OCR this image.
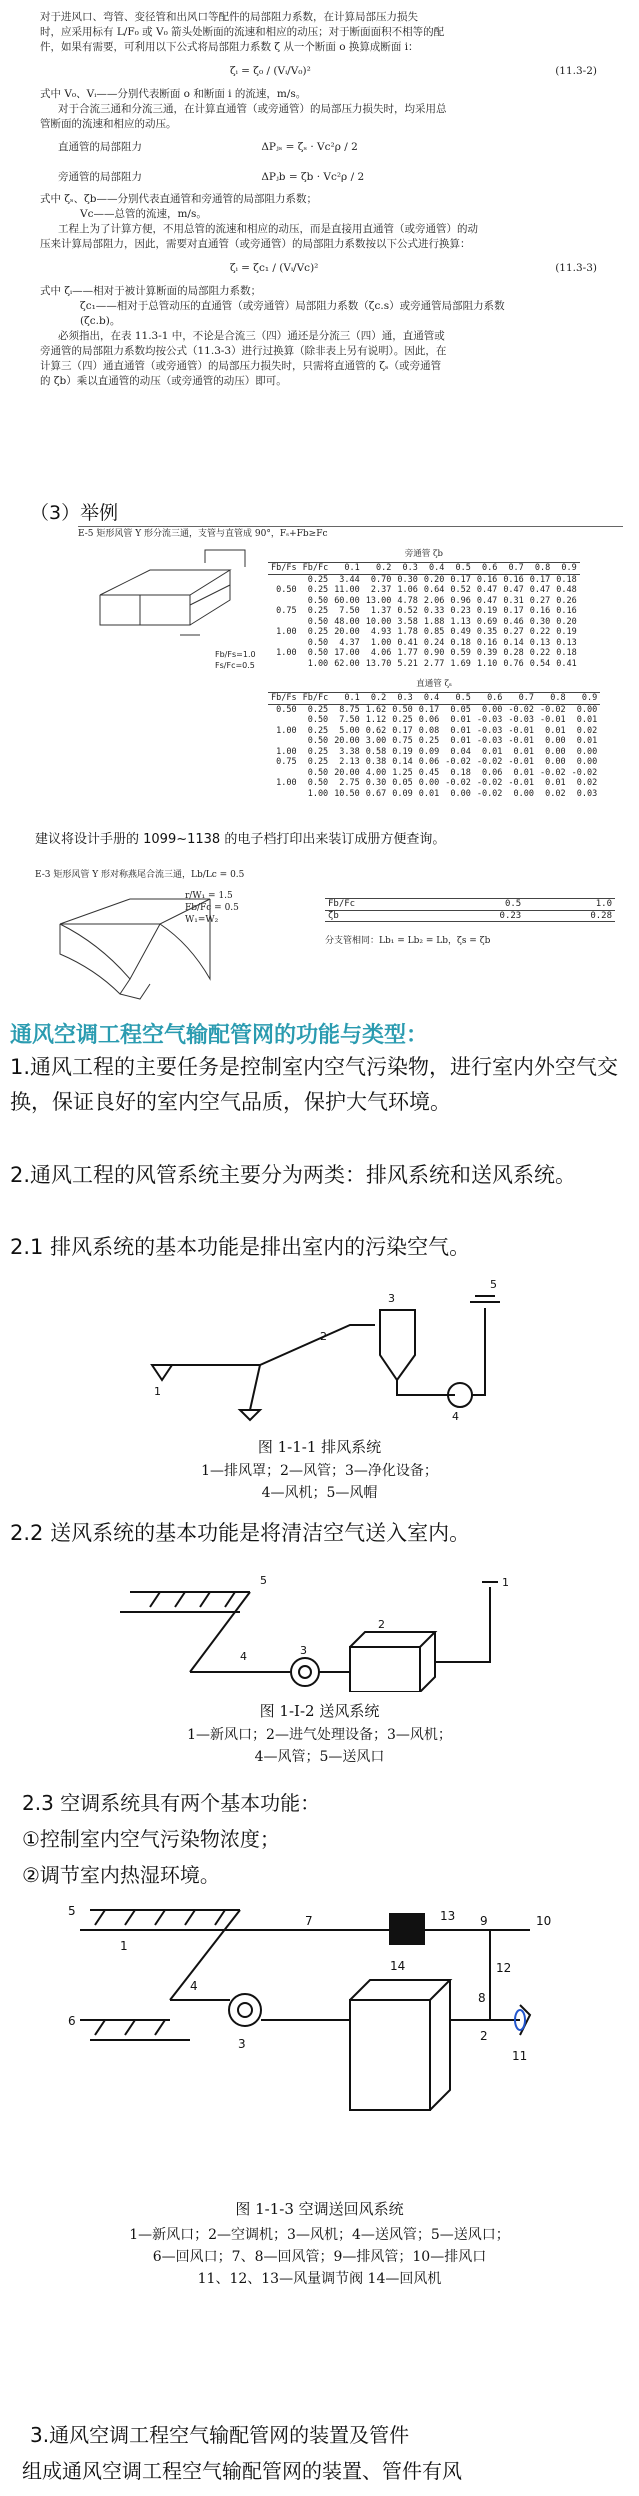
对于进风口、弯管、变径管和出风口等配件的局部阻力系数，在计算局部压力损失

时，应采用标有 L/F₀ 或 V₀ 箭头处断面的流速和相应的动压；对于断面面积不相等的配

件，如果有需要，可利用以下公式将局部阻力系数 ζ 从一个断面 o 换算成断面 i：

ζᵢ = ζ₀ / (Vᵢ/V₀)²	(11.3-2)

式中 V₀、Vᵢ——分别代表断面 o 和断面 i 的流速，m/s。

对于合流三通和分流三通，在计算直通管（或旁通管）的局部压力损失时，均采用总

管断面的流速和相应的动压。

直通管的局部阻力	ΔPⱼₛ = ζₛ · Vc²ρ / 2

旁通管的局部阻力	ΔPⱼb = ζb · Vc²ρ / 2

式中 ζₛ、ζb——分别代表直通管和旁通管的局部阻力系数；

Vc——总管的流速，m/s。

工程上为了计算方便，不用总管的流速和相应的动压，而是直接用直通管（或旁通管）的动

压来计算局部阻力，因此，需要对直通管（或旁通管）的局部阻力系数按以下公式进行换算：

ζᵢ = ζc₁ / (Vᵢ/Vc)²	(11.3-3)

式中 ζᵢ——相对于被计算断面的局部阻力系数；

ζc₁——相对于总管动压的直通管（或旁通管）局部阻力系数（ζc.s）或旁通管局部阻力系数

(ζc.b)。

必须指出，在表 11.3-1 中，不论是合流三（四）通还是分流三（四）通，直通管或

旁通管的局部阻力系数均按公式（11.3-3）进行过换算（除非表上另有说明）。因此，在

计算三（四）通直通管（或旁通管）的局部压力损失时，只需将直通管的 ζₛ（或旁通管

的 ζb）乘以直通管的动压（或旁通管的动压）即可。

（3）举例
E-5 矩形风管 Y 形分流三通，支管与直管成 90°，Fₛ+Fb≥Fc
Fb/Fs=1.0
Fs/Fc=0.5
旁通管 ζb
Fb/Fs	Fb/Fc	0.1	0.2	0.3	0.4	0.5	0.6	0.7	0.8	0.9
	0.25	3.44	0.70	0.30	0.20	0.17	0.16	0.16	0.17	0.18
0.50	0.25	11.00	2.37	1.06	0.64	0.52	0.47	0.47	0.47	0.48
	0.50	60.00	13.00	4.78	2.06	0.96	0.47	0.31	0.27	0.26
0.75	0.25	7.50	1.37	0.52	0.33	0.23	0.19	0.17	0.16	0.16
	0.50	48.00	10.00	3.58	1.88	1.13	0.69	0.46	0.30	0.20
1.00	0.25	20.00	4.93	1.78	0.85	0.49	0.35	0.27	0.22	0.19
	0.50	4.37	1.00	0.41	0.24	0.18	0.16	0.14	0.13	0.13
1.00	0.50	17.00	4.06	1.77	0.90	0.59	0.39	0.28	0.22	0.18
	1.00	62.00	13.70	5.21	2.77	1.69	1.10	0.76	0.54	0.41
直通管 ζₛ
Fb/Fs	Fb/Fc	0.1	0.2	0.3	0.4	0.5	0.6	0.7	0.8	0.9
0.50	0.25	8.75	1.62	0.50	0.17	0.05	0.00	-0.02	-0.02	0.00
	0.50	7.50	1.12	0.25	0.06	0.01	-0.03	-0.03	-0.01	0.01
1.00	0.25	5.00	0.62	0.17	0.08	0.01	-0.03	-0.01	0.01	0.02
	0.50	20.00	3.00	0.75	0.25	0.01	-0.03	-0.01	0.00	0.01
1.00	0.25	3.38	0.58	0.19	0.09	0.04	0.01	0.01	0.00	0.00
0.75	0.25	2.13	0.38	0.14	0.06	-0.02	-0.02	-0.01	0.00	0.00
	0.50	20.00	4.00	1.25	0.45	0.18	0.06	0.01	-0.02	-0.02
1.00	0.50	2.75	0.30	0.05	0.00	-0.02	-0.02	-0.01	0.01	0.02
	1.00	10.50	0.67	0.09	0.01	0.00	-0.02	0.00	0.02	0.03
建议将设计手册的 1099~1138 的电子档打印出来装订成册方便查询。
E-3 矩形风管 Y 形对称燕尾合流三通，Lb/Lc = 0.5
r/W₁ = 1.5
Fb/Fc = 0.5
W₁=W₂
Fb/Fc	0.5	1.0
ζb	0.23	0.28
分支管相同：Lb₁ = Lb₂ = Lb，ζs = ζb
通风空调工程空气输配管网的功能与类型：
1.通风工程的主要任务是控制室内空气污染物，进行室内外空气交换，保证良好的室内空气品质，保护大气环境。
2.通风工程的风管系统主要分为两类：排风系统和送风系统。
2.1 排风系统的基本功能是排出室内的污染空气。
1
2
3
4
5
图 1-1-1 排风系统
1—排风罩；2—风管；3—净化设备；
4—风机；5—风帽
2.2 送风系统的基本功能是将清洁空气送入室内。
5
4	3
2
1
图 1-I-2 送风系统
1—新风口；2—进气处理设备；3—风机；
4—风管；5—送风口
2.3 空调系统具有两个基本功能：
①控制室内空气污染物浓度；
②调节室内热湿环境。
5
6
7	9	10
12
8
14
4
3
2
11
13
1
图 1-1-3 空调送回风系统
1—新风口；2—空调机；3—风机；4—送风管；5—送风口；
6—回风口；7、8—回风管；9—排风管；10—排风口
11、12、13—风量调节阀 14—回风机
3.通风空调工程空气输配管网的装置及管件
组成通风空调工程空气输配管网的装置、管件有风
